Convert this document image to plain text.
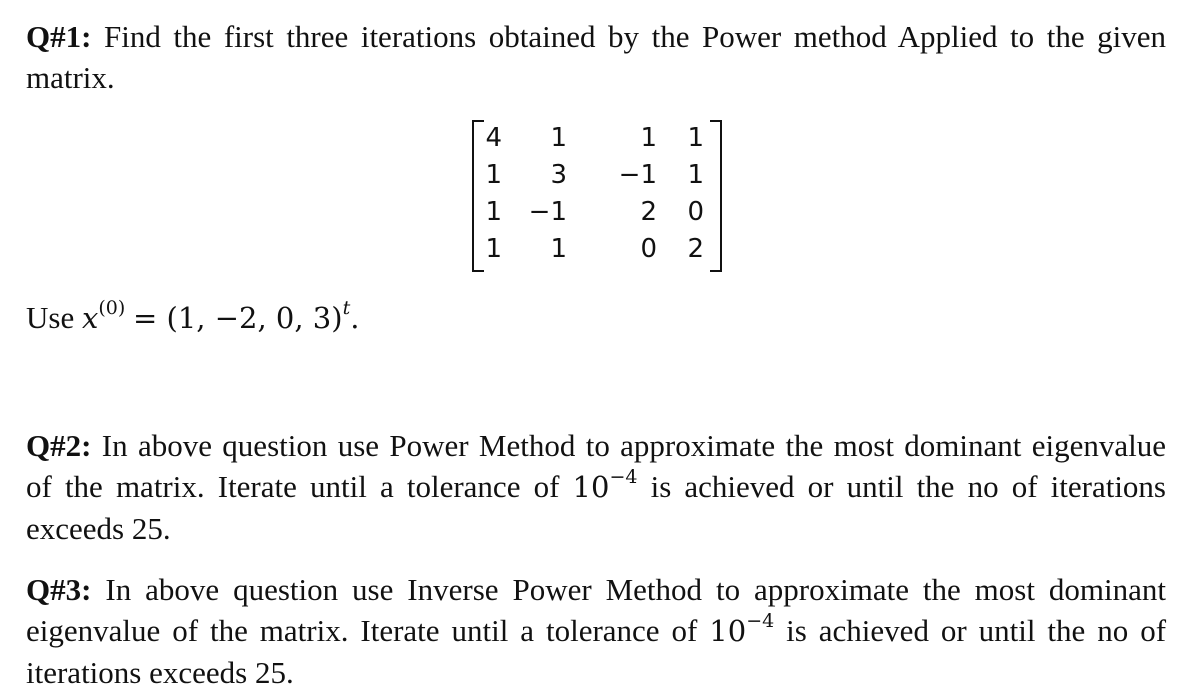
Q#1: Find the first three iterations obtained by the Power method Applied to the given matrix.
4	1	1	1
1	3	−1	1
1	−1	2	0
1	1	0	2
Use $x^{(0)} = (1$, −2, 0, 3)$^t$.
Q#2: In above question use Power Method to approximate the most dominant eigenvalue of the matrix. Iterate until a tolerance of $10^{-4}$ is achieved or until the no of iterations exceeds 25.
Q#3: In above question use Inverse Power Method to approximate the most dominant eigenvalue of the matrix. Iterate until a tolerance of $10^{-4}$ is achieved or until the no of iterations exceeds 25.
